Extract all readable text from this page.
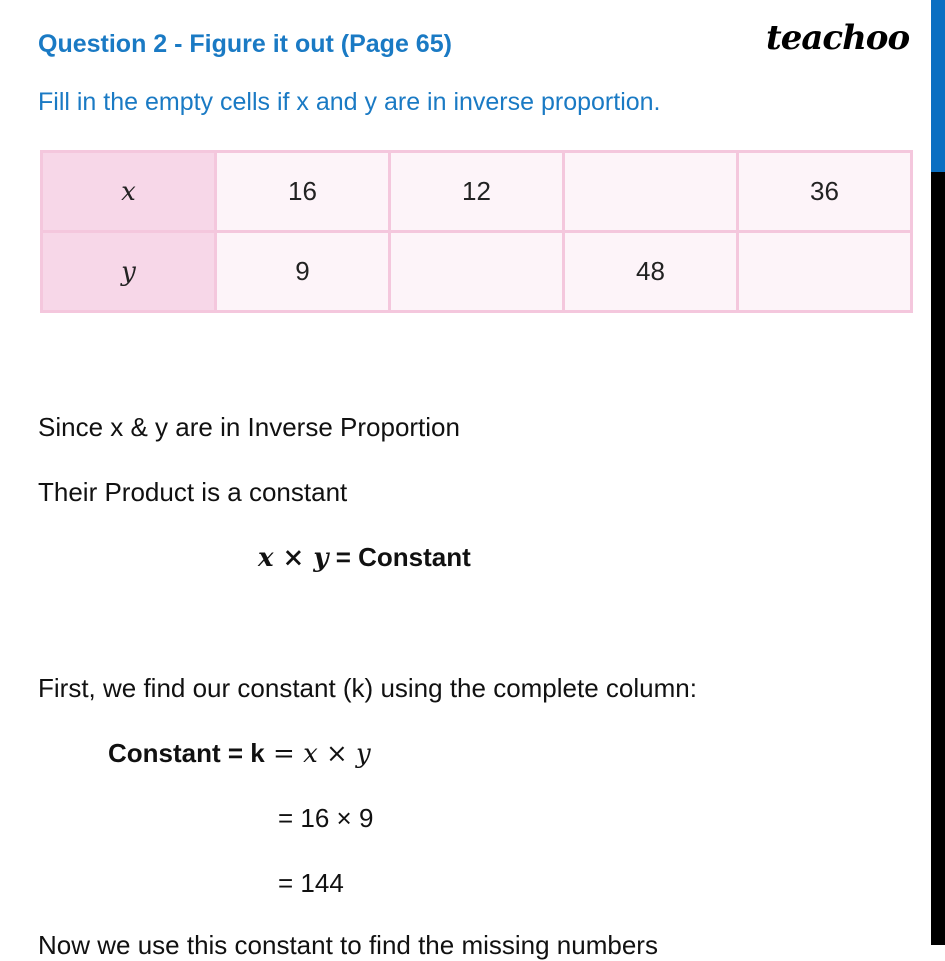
Question 2 - Figure it out (Page 65)	teachoo
Fill in the empty cells if x and y are in inverse proportion.
x	16	12		36
y	9		48	
Since x & y are in Inverse Proportion
Their Product is a constant
x × y = Constant
First, we find our constant (k) using the complete column:
Constant = k = x × y
= 16 × 9
= 144
Now we use this constant to find the missing numbers
